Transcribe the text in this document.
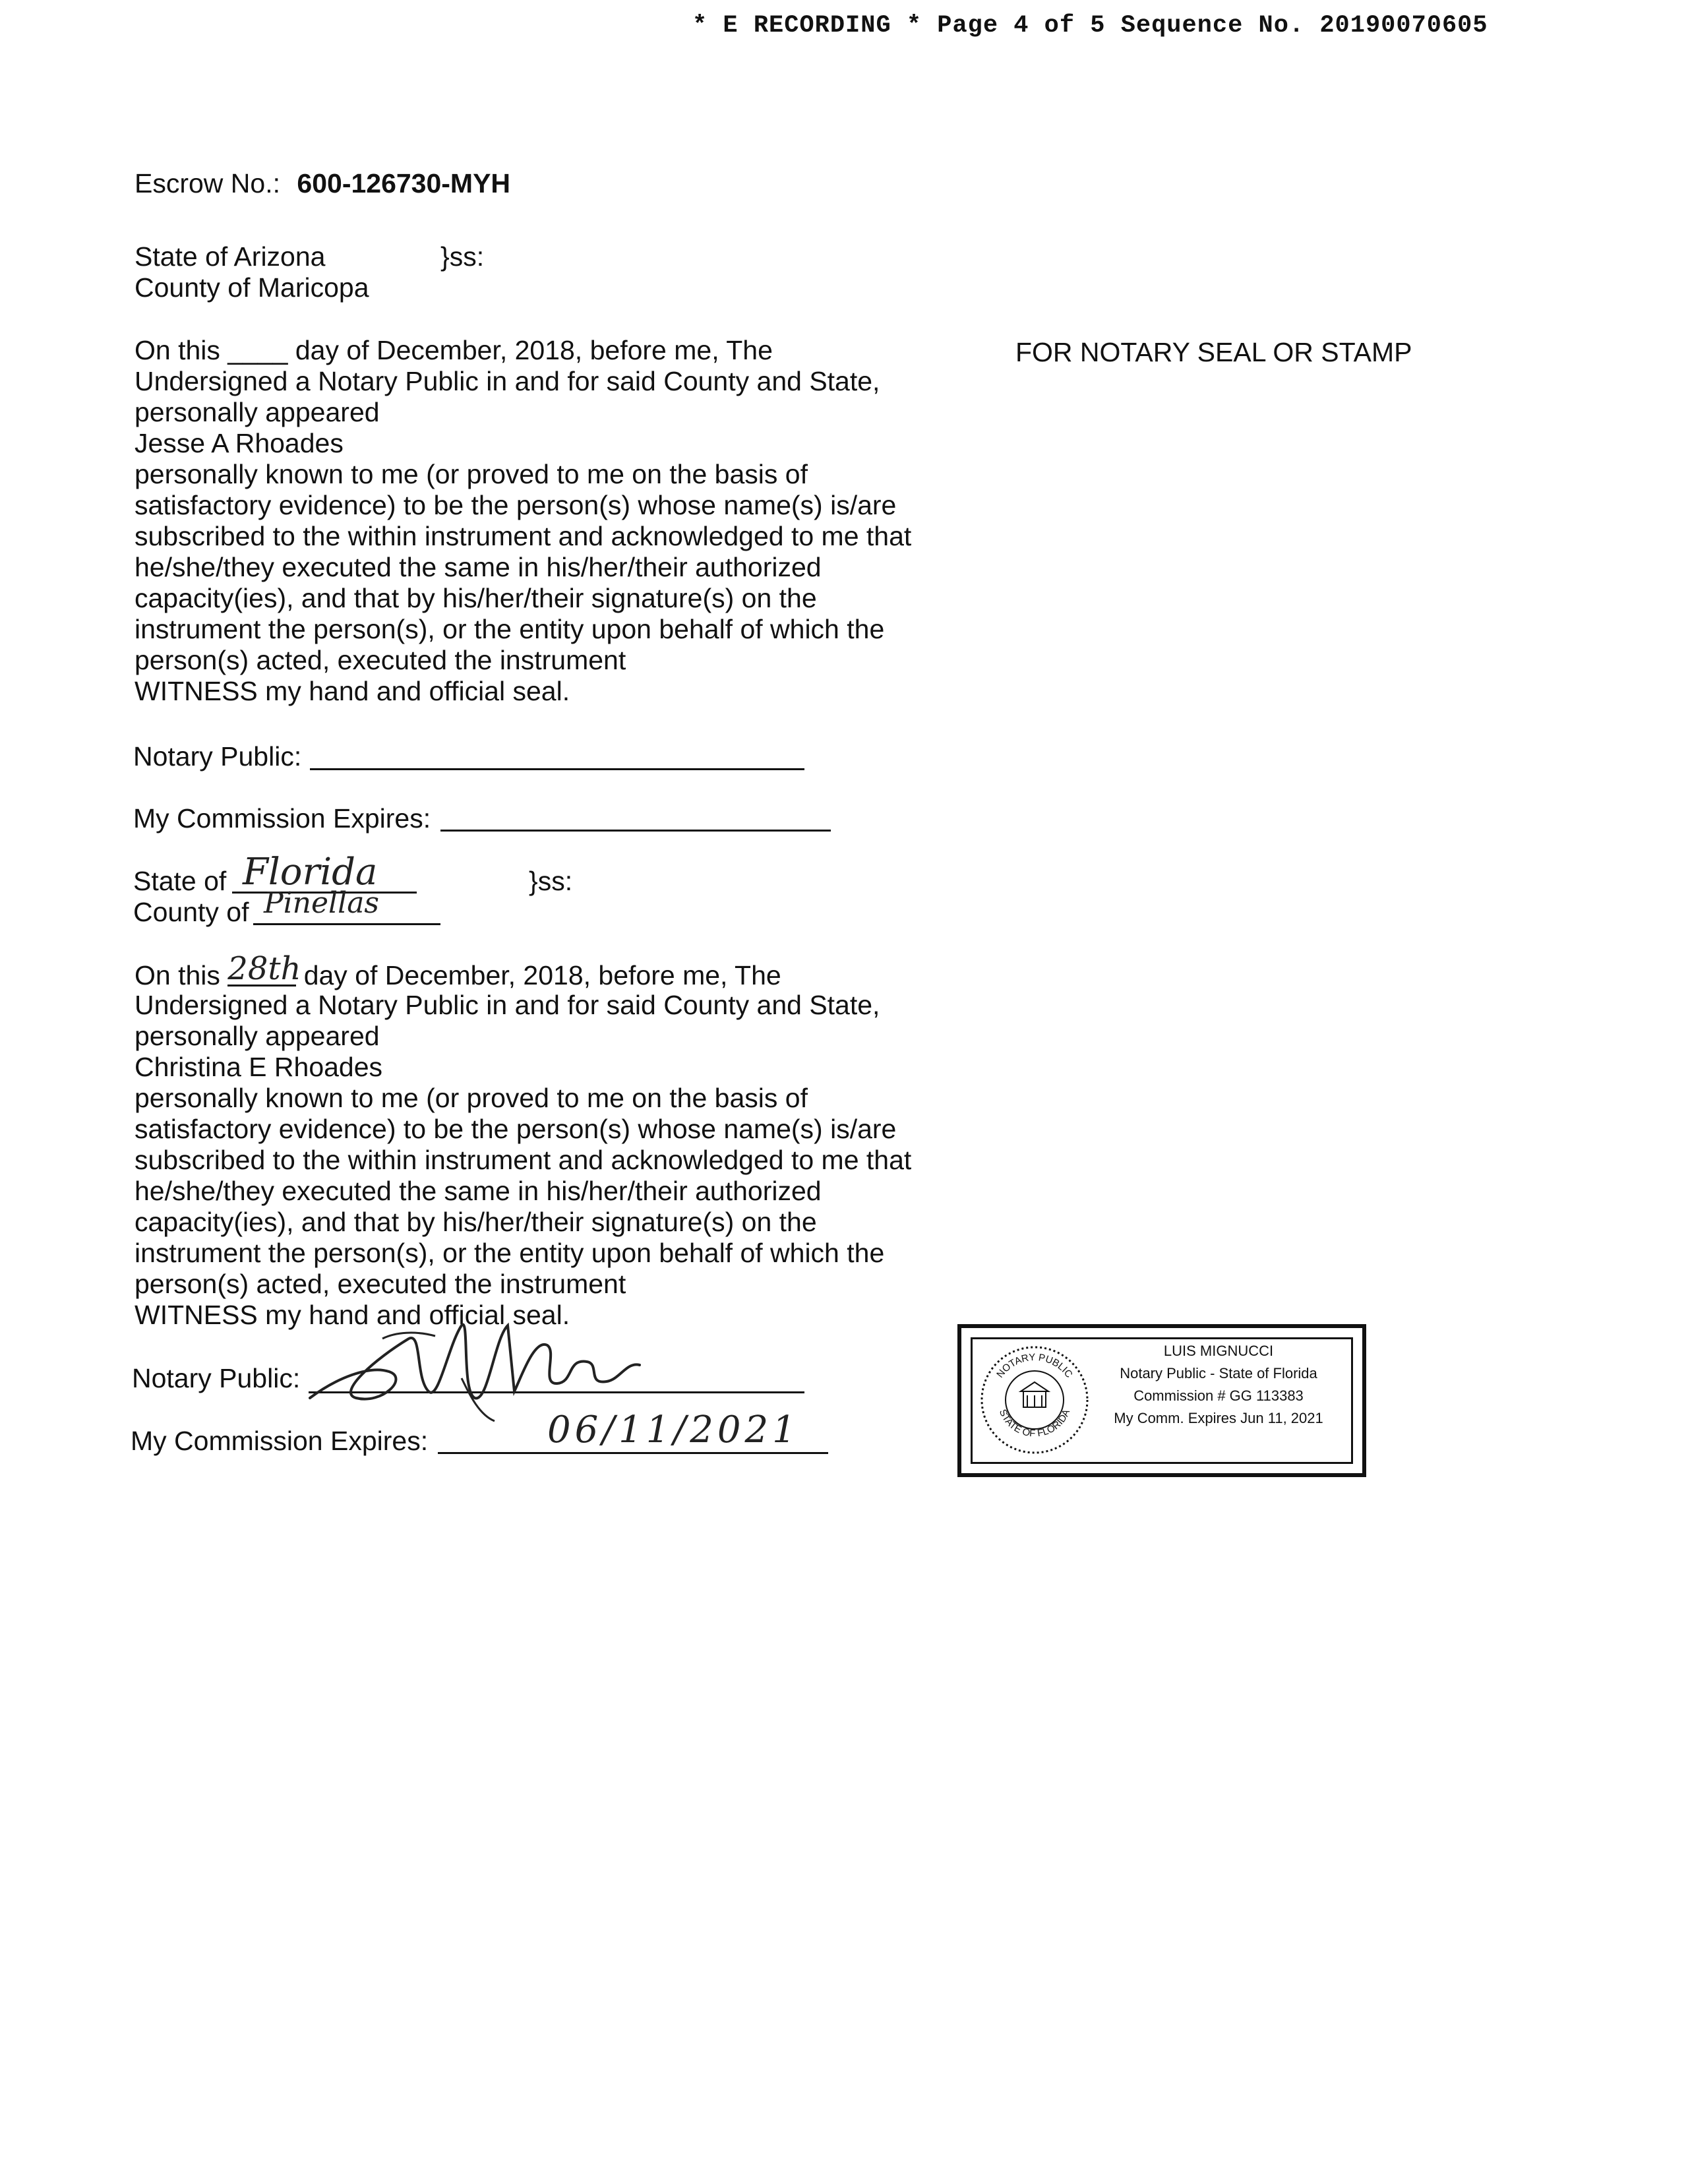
* E RECORDING * Page 4 of 5 Sequence No. 20190070605
Escrow No.: 600-126730-MYH
State of Arizona	}ss:
County of Maricopa
On this ____ day of December, 2018, before me, The
Undersigned a Notary Public in and for said County and State,
personally appeared
Jesse A Rhoades
personally known to me (or proved to me on the basis of
satisfactory evidence) to be the person(s) whose name(s) is/are
subscribed to the within instrument and acknowledged to me that
he/she/they executed the same in his/her/their authorized
capacity(ies), and that by his/her/their signature(s) on the
instrument the person(s), or the entity upon behalf of which the
person(s) acted, executed the instrument
WITNESS my hand and official seal.
Notary Public:
My Commission Expires:
FOR NOTARY SEAL OR STAMP
State of Florida	}ss:
County of Pinellas
On this 28th day of December, 2018, before me, The
Undersigned a Notary Public in and for said County and State,
personally appeared
Christina E Rhoades
personally known to me (or proved to me on the basis of
satisfactory evidence) to be the person(s) whose name(s) is/are
subscribed to the within instrument and acknowledged to me that
he/she/they executed the same in his/her/their authorized
capacity(ies), and that by his/her/their signature(s) on the
instrument the person(s), or the entity upon behalf of which the
person(s) acted, executed the instrument
WITNESS my hand and official seal.
Notary Public:
My Commission Expires:	06/11/2021
NOTARY PUBLIC
STATE OF FLORIDA
LUIS MIGNUCCI
Notary Public - State of Florida
Commission # GG 113383
My Comm. Expires Jun 11, 2021
